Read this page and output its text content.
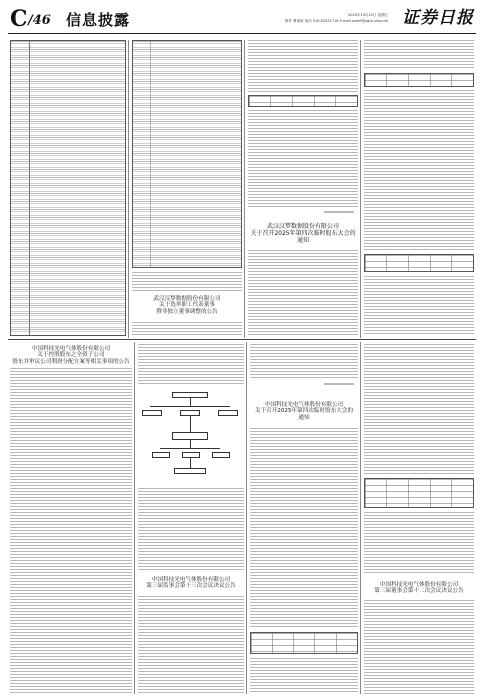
C
/ 46 信息披露	2025年10月10日 星期五
制作 曹秉琛 电话 010-83251716 E-mail zqrb9@zqrb.sina.net 证券日报
武汉汉梦数据股份有限公司
关于选举职工代表董事
暨非独立董事调整的公告
武汉汉梦数据股份有限公司
关于召开2025年第四次临时股东大会的
通知
中国科技光电气体股份有限公司
关于控股股东之全资子公司
股东并审议公司利润分配方案等相关事项的公告
中国科技光电气体股份有限公司
第三届监事会第十三次会议决议公告
中国科技光电气体股份有限公司
关于召开2025年第四次临时股东大会的
通知
中国科技光电气体股份有限公司
第三届董事会第十二次会议决议公告
